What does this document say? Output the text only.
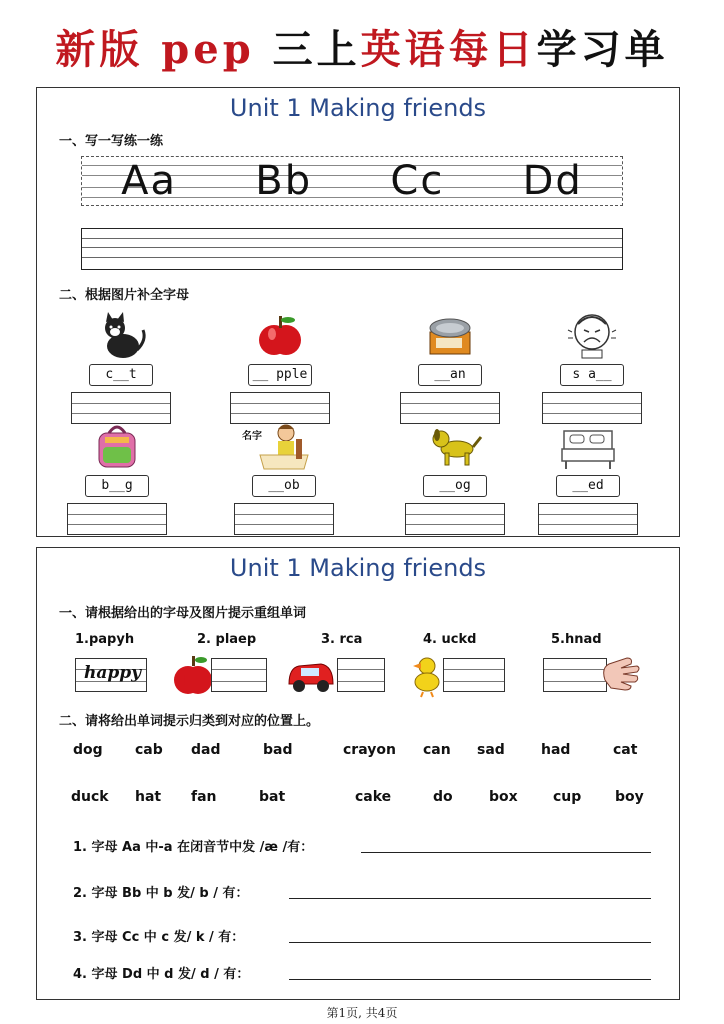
新版 pep 三上英语每日学习单
Unit 1 Making friends
一、写一写练一练
Aa Bb Cc Dd
二、根据图片补全字母
c__t	__ pple	__an	s a__
b__g
名字
__ob	__og	__ed
Unit 1 Making friends
一、请根据给出的字母及图片提示重组单词
1.papyh
happy
2. plaep	3. rca	4. uckd	5.hnad
二、请将给出单词提示归类到对应的位置上。
dog cab dad	bad	crayon can sad	had	cat
duck hat fan	bat	cake	do	box	cup boy
1. 字母 Aa 中-a 在闭音节中发 /æ /有：
2. 字母 Bb 中 b 发/ b / 有：
3. 字母 Cc 中 c 发/ k / 有：
4. 字母 Dd 中 d 发/ d / 有：
第1页, 共4页
